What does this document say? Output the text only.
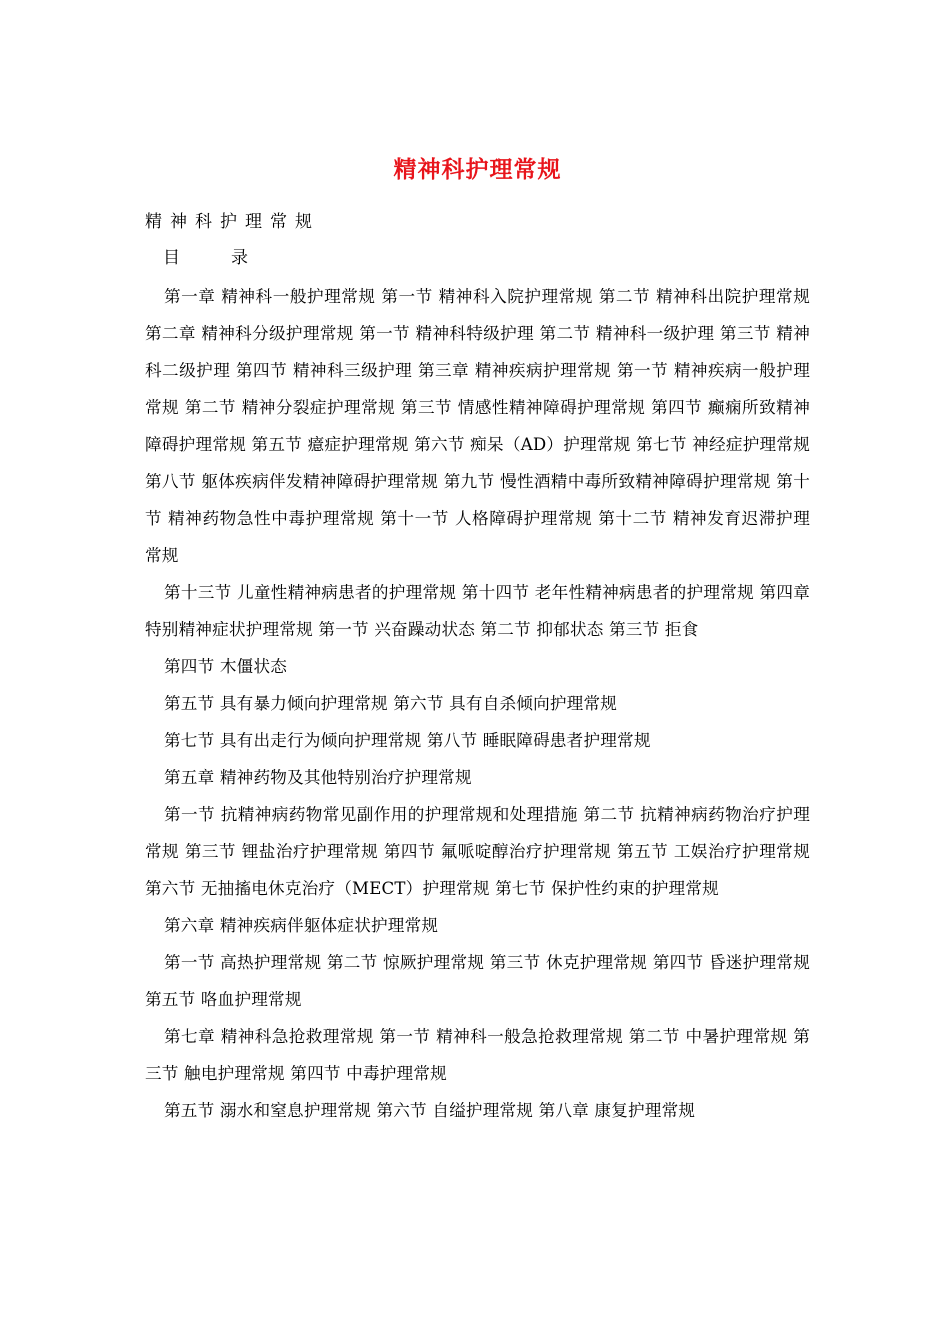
精神科护理常规

精神科护理常规

目　　　录

第一章 精神科一般护理常规 第一节 精神科入院护理常规 第二节 精神科出院护理常规 第二章 精神科分级护理常规 第一节 精神科特级护理 第二节 精神科一级护理 第三节 精神科二级护理 第四节 精神科三级护理 第三章 精神疾病护理常规 第一节 精神疾病一般护理常规 第二节 精神分裂症护理常规 第三节 情感性精神障碍护理常规 第四节 癫痫所致精神障碍护理常规 第五节 癔症护理常规 第六节 痴呆（AD）护理常规 第七节 神经症护理常规 第八节 躯体疾病伴发精神障碍护理常规 第九节 慢性酒精中毒所致精神障碍护理常规 第十节 精神药物急性中毒护理常规 第十一节 人格障碍护理常规 第十二节 精神发育迟滞护理常规

第十三节 儿童性精神病患者的护理常规 第十四节 老年性精神病患者的护理常规 第四章 特别精神症状护理常规 第一节 兴奋躁动状态 第二节 抑郁状态 第三节 拒食

第四节 木僵状态

第五节 具有暴力倾向护理常规 第六节 具有自杀倾向护理常规

第七节 具有出走行为倾向护理常规 第八节 睡眠障碍患者护理常规

第五章 精神药物及其他特别治疗护理常规

第一节 抗精神病药物常见副作用的护理常规和处理措施 第二节 抗精神病药物治疗护理常规 第三节 锂盐治疗护理常规 第四节 氟哌啶醇治疗护理常规 第五节 工娱治疗护理常规 第六节 无抽搐电休克治疗（MECT）护理常规 第七节 保护性约束的护理常规

第六章 精神疾病伴躯体症状护理常规

第一节 高热护理常规 第二节 惊厥护理常规 第三节 休克护理常规 第四节 昏迷护理常规 第五节 咯血护理常规

第七章 精神科急抢救理常规 第一节 精神科一般急抢救理常规 第二节 中暑护理常规 第三节 触电护理常规 第四节 中毒护理常规

第五节 溺水和窒息护理常规 第六节 自缢护理常规 第八章 康复护理常规
